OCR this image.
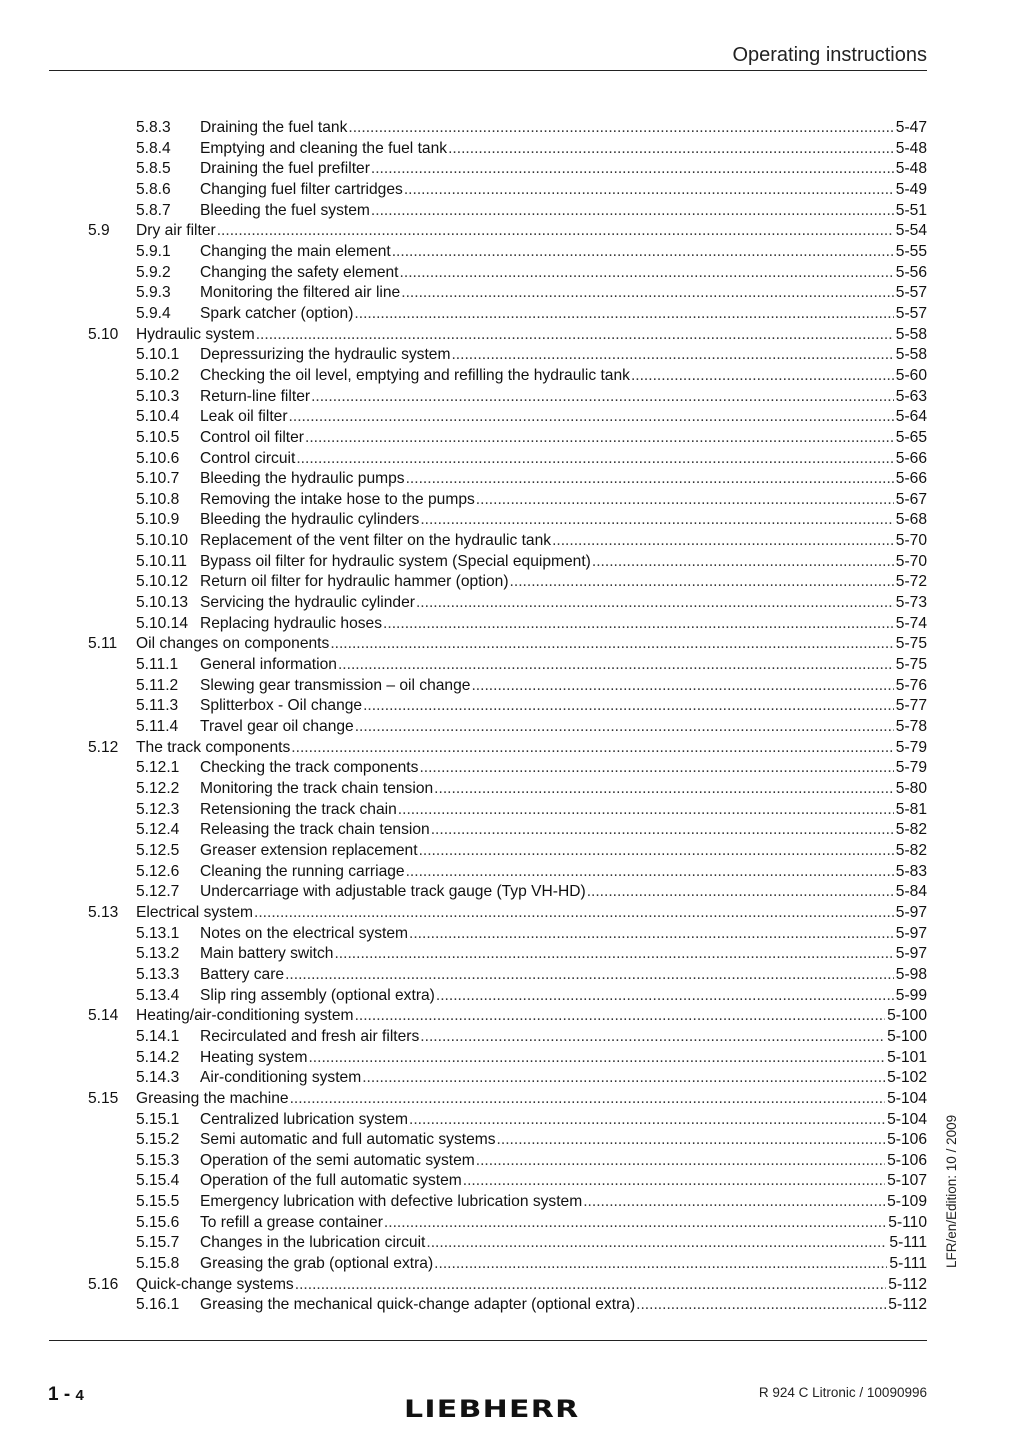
Operating instructions
5.8.3	Draining the fuel tank .....	5-47
5.8.4	Emptying and cleaning the fuel tank .....	5-48
5.8.5	Draining the fuel prefilter .....	5-48
5.8.6	Changing fuel filter cartridges .....	5-49
5.8.7	Bleeding the fuel system .....	5-51
5.9	Dry air filter .....	5-54
5.9.1	Changing the main element .....	5-55
5.9.2	Changing the safety element .....	5-56
5.9.3	Monitoring the filtered air line .....	5-57
5.9.4	Spark catcher (option) .....	5-57
5.10	Hydraulic system .....	5-58
5.10.1	Depressurizing the hydraulic system .....	5-58
5.10.2	Checking the oil level, emptying and refilling the hydraulic tank .....	5-60
5.10.3	Return-line filter .....	5-63
5.10.4	Leak oil filter .....	5-64
5.10.5	Control oil filter .....	5-65
5.10.6	Control circuit .....	5-66
5.10.7	Bleeding the hydraulic pumps .....	5-66
5.10.8	Removing the intake hose to the pumps .....	5-67
5.10.9	Bleeding the hydraulic cylinders .....	5-68
5.10.10 Replacement of the vent filter on the hydraulic tank .....	5-70
5.10.11 Bypass oil filter for hydraulic system (Special equipment) .....	5-70
5.10.12 Return oil filter for hydraulic hammer (option) .....	5-72
5.10.13 Servicing the hydraulic cylinder .....	5-73
5.10.14 Replacing hydraulic hoses .....	5-74
5.11	Oil changes on components .....	5-75
5.11.1	General information .....	5-75
5.11.2	Slewing gear transmission – oil change .....	5-76
5.11.3	Splitterbox - Oil change .....	5-77
5.11.4	Travel gear oil change .....	5-78
5.12	The track components .....	5-79
5.12.1	Checking the track components .....	5-79
5.12.2	Monitoring the track chain tension .....	5-80
5.12.3	Retensioning the track chain .....	5-81
5.12.4	Releasing the track chain tension .....	5-82
5.12.5	Greaser extension replacement .....	5-82
5.12.6	Cleaning the running carriage .....	5-83
5.12.7	Undercarriage with adjustable track gauge (Typ VH-HD) .....	5-84
5.13	Electrical system .....	5-97
5.13.1	Notes on the electrical system .....	5-97
5.13.2	Main battery switch .....	5-97
5.13.3	Battery care .....	5-98
5.13.4	Slip ring assembly (optional extra) .....	5-99
5.14	Heating/air-conditioning system .....	5-100
5.14.1	Recirculated and fresh air filters .....	5-100
5.14.2	Heating system .....	5-101
5.14.3	Air-conditioning system .....	5-102
5.15	Greasing the machine .....	5-104
5.15.1	Centralized lubrication system .....	5-104
5.15.2	Semi automatic and full automatic systems .....	5-106
5.15.3	Operation of the semi automatic system .....	5-106
5.15.4	Operation of the full automatic system .....	5-107
5.15.5	Emergency lubrication with defective lubrication system .....	5-109
5.15.6	To refill a grease container .....	5-110
5.15.7	Changes in the lubrication circuit .....	5-111
5.15.8	Greasing the grab (optional extra) .....	5-111
5.16	Quick-change systems .....	5-112
5.16.1	Greasing the mechanical quick-change adapter (optional extra) .....	5-112
LFR/en/Edition: 10 / 2009
1 - 4	LIEBHERR
R 924 C Litronic / 10090996
